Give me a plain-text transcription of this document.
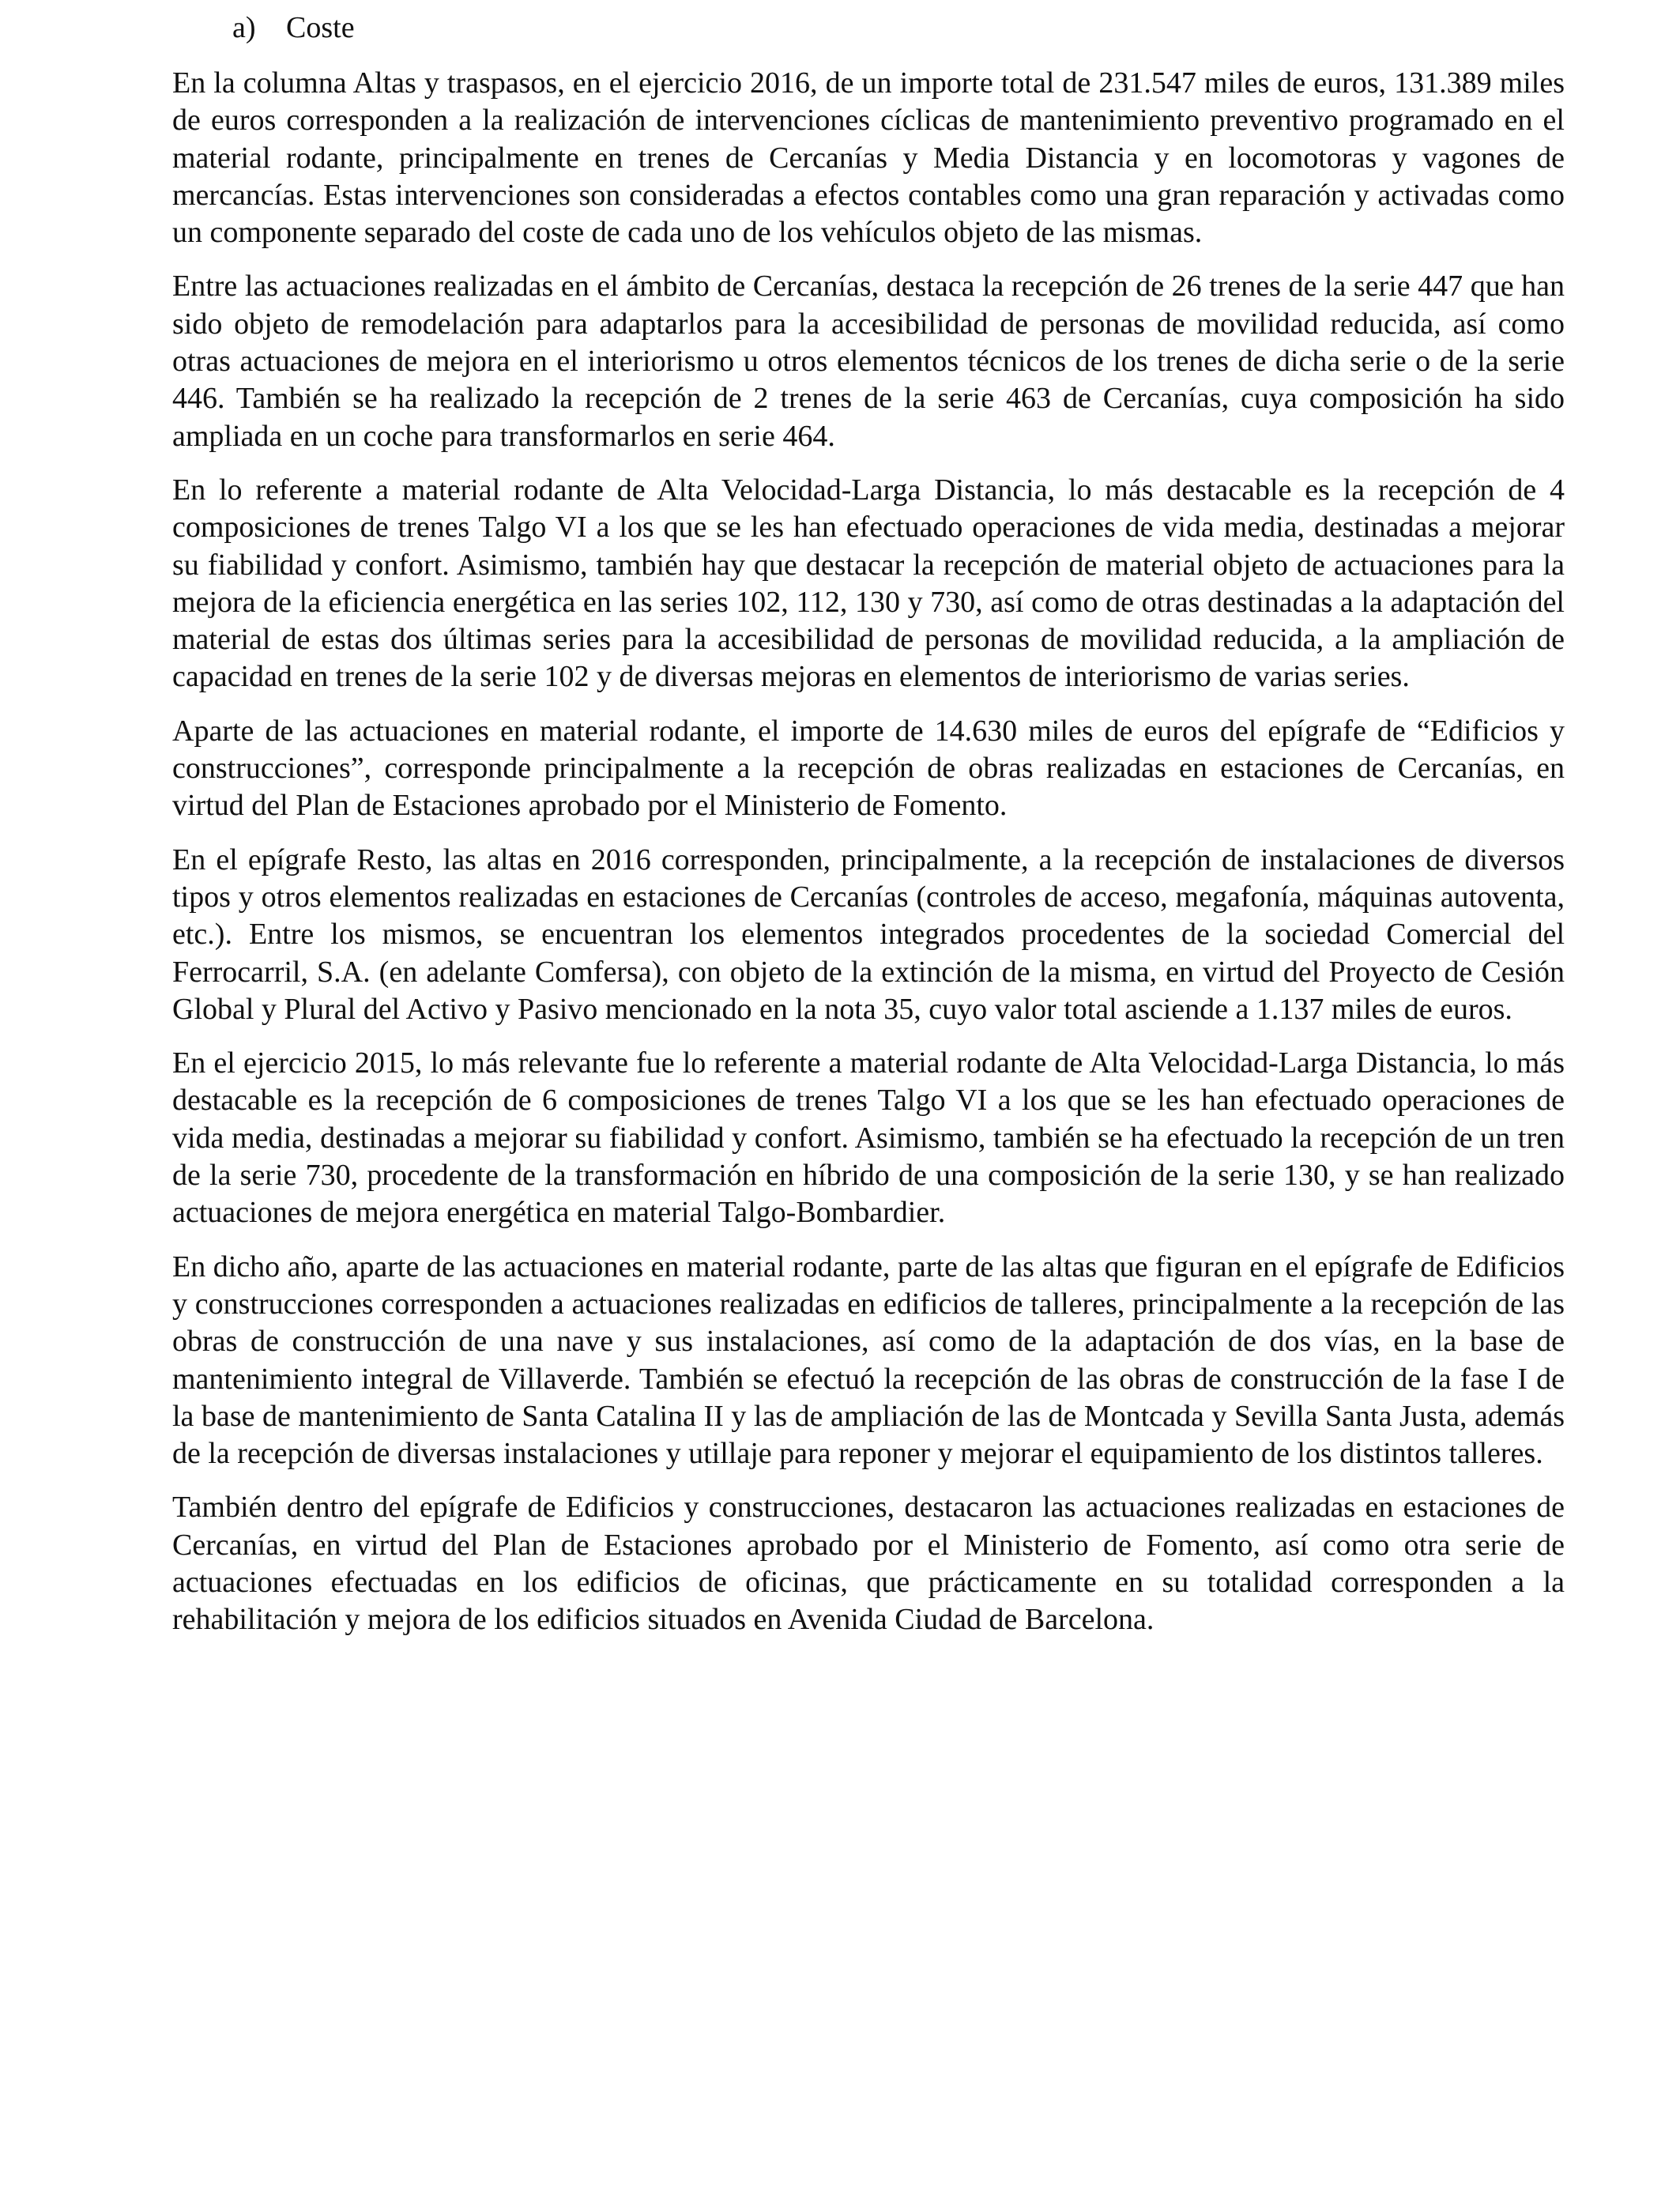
a) Coste

En la columna Altas y traspasos, en el ejercicio 2016, de un importe total de 231.547 miles de euros, 131.389 miles de euros corresponden a la realización de intervenciones cíclicas de mantenimiento preventivo programado en el material rodante, principalmente en trenes de Cercanías y Media Distancia y en locomotoras y vagones de mercancías. Estas intervenciones son consideradas a efectos contables como una gran reparación y activadas como un componente separado del coste de cada uno de los vehículos objeto de las mismas.

Entre las actuaciones realizadas en el ámbito de Cercanías, destaca la recepción de 26 trenes de la serie 447 que han sido objeto de remodelación para adaptarlos para la accesibilidad de personas de movilidad reducida, así como otras actuaciones de mejora en el interiorismo u otros elementos técnicos de los trenes de dicha serie o de la serie 446. También se ha realizado la recepción de 2 trenes de la serie 463 de Cercanías, cuya composición ha sido ampliada en un coche para transformarlos en serie 464.

En lo referente a material rodante de Alta Velocidad-Larga Distancia, lo más destacable es la recepción de 4 composiciones de trenes Talgo VI a los que se les han efectuado operaciones de vida media, destinadas a mejorar su fiabilidad y confort. Asimismo, también hay que destacar la recepción de material objeto de actuaciones para la mejora de la eficiencia energética en las series 102, 112, 130 y 730, así como de otras destinadas a la adaptación del material de estas dos últimas series para la accesibilidad de personas de movilidad reducida, a la ampliación de capacidad en trenes de la serie 102 y de diversas mejoras en elementos de interiorismo de varias series.

Aparte de las actuaciones en material rodante, el importe de 14.630 miles de euros del epígrafe de “Edificios y construcciones”, corresponde principalmente a la recepción de obras realizadas en estaciones de Cercanías, en virtud del Plan de Estaciones aprobado por el Ministerio de Fomento.

En el epígrafe Resto, las altas en 2016 corresponden, principalmente, a la recepción de instalaciones de diversos tipos y otros elementos realizadas en estaciones de Cercanías (controles de acceso, megafonía, máquinas autoventa, etc.). Entre los mismos, se encuentran los elementos integrados procedentes de la sociedad Comercial del Ferrocarril, S.A. (en adelante Comfersa), con objeto de la extinción de la misma, en virtud del Proyecto de Cesión Global y Plural del Activo y Pasivo mencionado en la nota 35, cuyo valor total asciende a 1.137 miles de euros.

En el ejercicio 2015, lo más relevante fue lo referente a material rodante de Alta Velocidad-Larga Distancia, lo más destacable es la recepción de 6 composiciones de trenes Talgo VI a los que se les han efectuado operaciones de vida media, destinadas a mejorar su fiabilidad y confort. Asimismo, también se ha efectuado la recepción de un tren de la serie 730, procedente de la transformación en híbrido de una composición de la serie 130, y se han realizado actuaciones de mejora energética en material Talgo-Bombardier.

En dicho año, aparte de las actuaciones en material rodante, parte de las altas que figuran en el epígrafe de Edificios y construcciones corresponden a actuaciones realizadas en edificios de talleres, principalmente a la recepción de las obras de construcción de una nave y sus instalaciones, así como de la adaptación de dos vías, en la base de mantenimiento integral de Villaverde. También se efectuó la recepción de las obras de construcción de la fase I de la base de mantenimiento de Santa Catalina II y las de ampliación de las de Montcada y Sevilla Santa Justa, además de la recepción de diversas instalaciones y utillaje para reponer y mejorar el equipamiento de los distintos talleres.

También dentro del epígrafe de Edificios y construcciones, destacaron las actuaciones realizadas en estaciones de Cercanías, en virtud del Plan de Estaciones aprobado por el Ministerio de Fomento, así como otra serie de actuaciones efectuadas en los edificios de oficinas, que prácticamente en su totalidad corresponden a la rehabilitación y mejora de los edificios situados en Avenida Ciudad de Barcelona.
